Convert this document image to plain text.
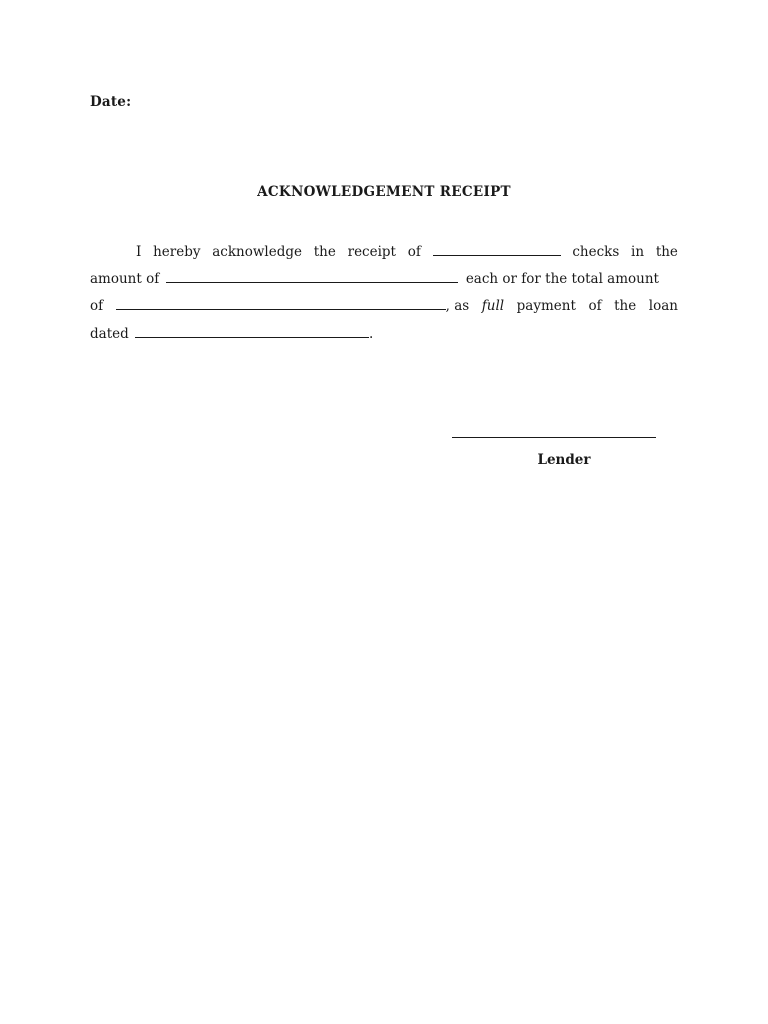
Date:
ACKNOWLEDGEMENT RECEIPT
I hereby acknowledge the receipt of	checks in the
amount of	each or for the total amount
of	, as full payment of the loan
dated	.
Lender
